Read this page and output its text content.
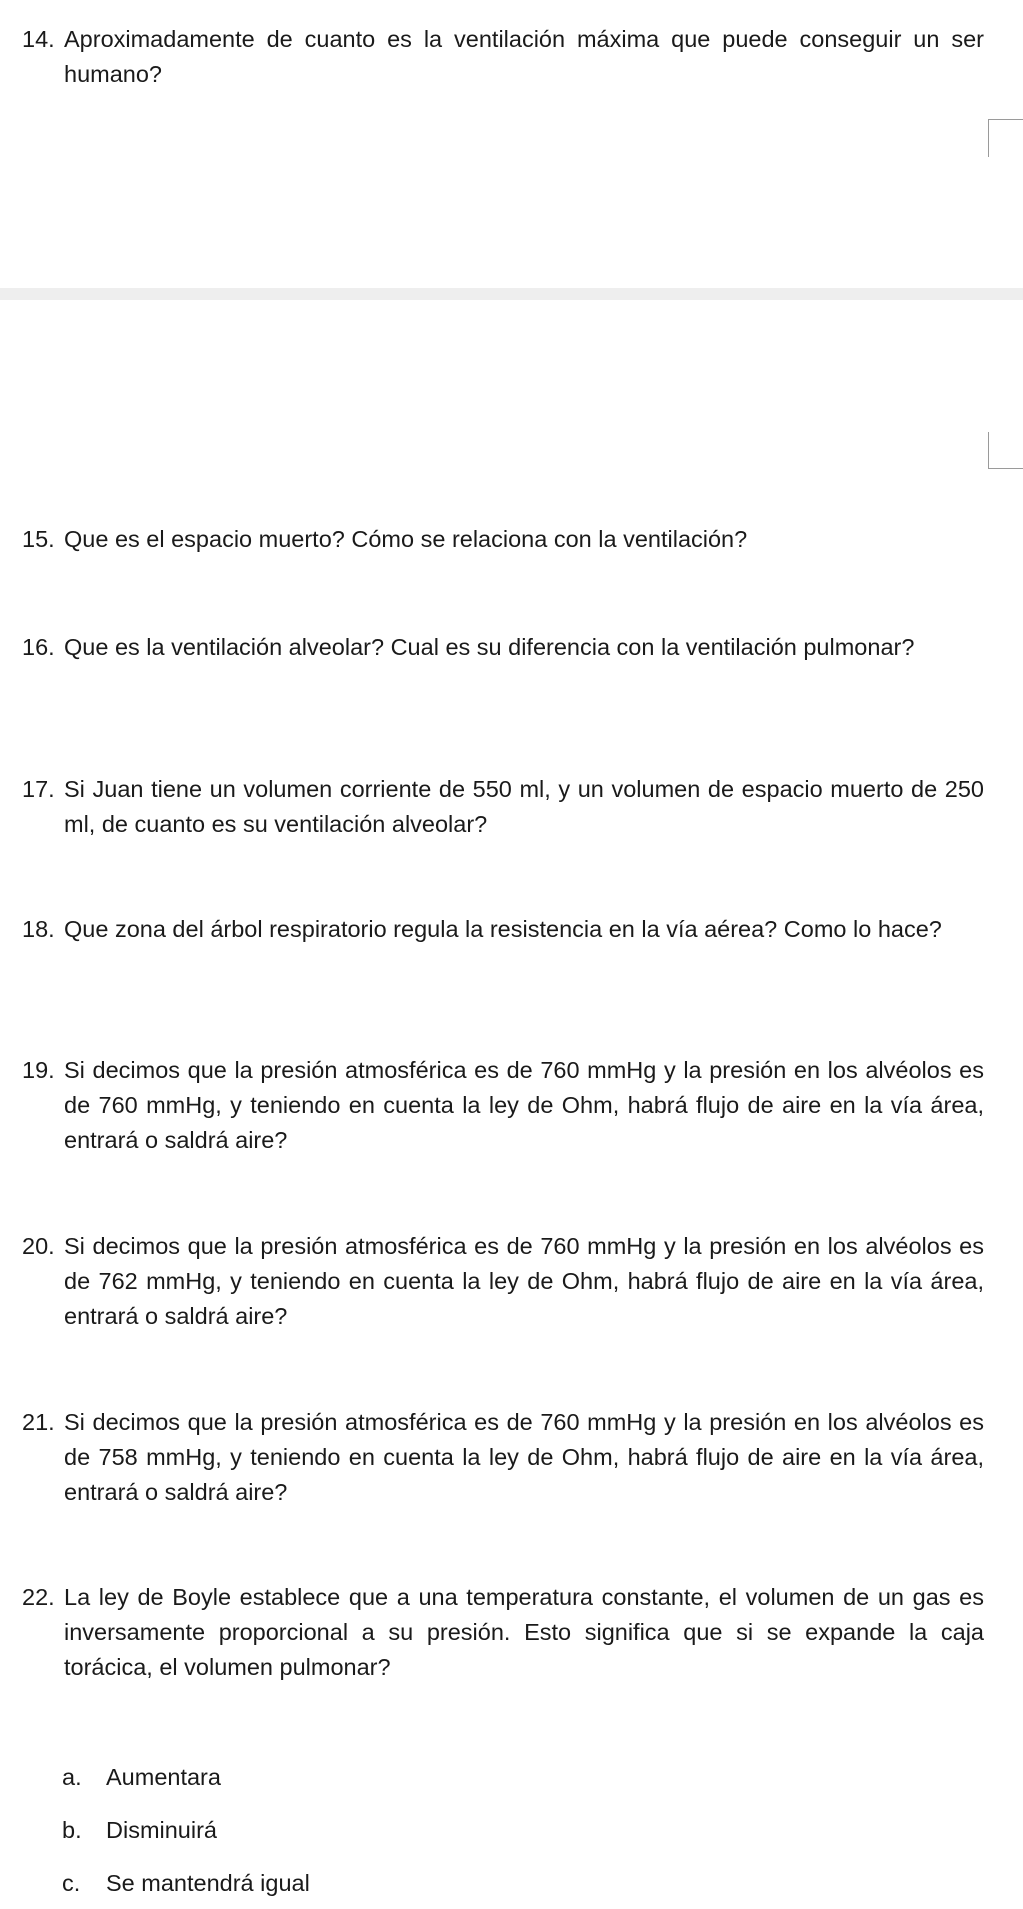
14. Aproximadamente de cuanto es la ventilación máxima que puede conseguir un ser humano?
15. Que es el espacio muerto? Cómo se relaciona con la ventilación?
16. Que es la ventilación alveolar? Cual es su diferencia con la ventilación pulmonar?
17. Si Juan tiene un volumen corriente de 550 ml, y un volumen de espacio muerto de 250 ml, de cuanto es su ventilación alveolar?
18. Que zona del árbol respiratorio regula la resistencia en la vía aérea? Como lo hace?
19. Si decimos que la presión atmosférica es de 760 mmHg y la presión en los alvéolos es de 760 mmHg, y teniendo en cuenta la ley de Ohm, habrá flujo de aire en la vía área, entrará o saldrá aire?
20. Si decimos que la presión atmosférica es de 760 mmHg y la presión en los alvéolos es de 762 mmHg, y teniendo en cuenta la ley de Ohm, habrá flujo de aire en la vía área, entrará o saldrá aire?
21. Si decimos que la presión atmosférica es de 760 mmHg y la presión en los alvéolos es de 758 mmHg, y teniendo en cuenta la ley de Ohm, habrá flujo de aire en la vía área, entrará o saldrá aire?
22. La ley de Boyle establece que a una temperatura constante, el volumen de un gas es inversamente proporcional a su presión. Esto significa que si se expande la caja torácica, el volumen pulmonar?
a. Aumentara
b. Disminuirá
c. Se mantendrá igual
